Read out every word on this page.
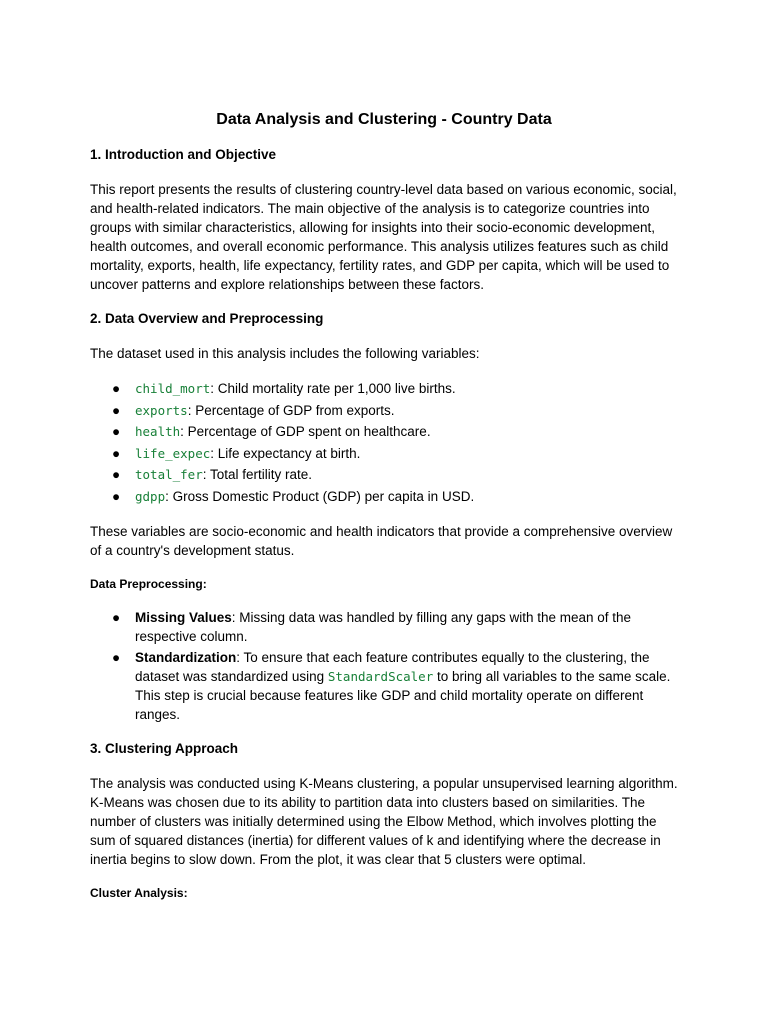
Data Analysis and Clustering - Country Data
1. Introduction and Objective

This report presents the results of clustering country-level data based on various economic, social, and health-related indicators. The main objective of the analysis is to categorize countries into groups with similar characteristics, allowing for insights into their socio-economic development, health outcomes, and overall economic performance. This analysis utilizes features such as child mortality, exports, health, life expectancy, fertility rates, and GDP per capita, which will be used to uncover patterns and explore relationships between these factors.

2. Data Overview and Preprocessing

The dataset used in this analysis includes the following variables:

● child_mort: Child mortality rate per 1,000 live births.
● exports: Percentage of GDP from exports.
● health: Percentage of GDP spent on healthcare.
● life_expec: Life expectancy at birth.
● total_fer: Total fertility rate.
● gdpp: Gross Domestic Product (GDP) per capita in USD.

These variables are socio-economic and health indicators that provide a comprehensive overview of a country's development status.

Data Preprocessing:
● Missing Values: Missing data was handled by filling any gaps with the mean of the respective column.
● Standardization: To ensure that each feature contributes equally to the clustering, the dataset was standardized using StandardScaler to bring all variables to the same scale. This step is crucial because features like GDP and child mortality operate on different ranges.
3. Clustering Approach

The analysis was conducted using K-Means clustering, a popular unsupervised learning algorithm. K-Means was chosen due to its ability to partition data into clusters based on similarities. The number of clusters was initially determined using the Elbow Method, which involves plotting the sum of squared distances (inertia) for different values of k and identifying where the decrease in inertia begins to slow down. From the plot, it was clear that 5 clusters were optimal.

Cluster Analysis:
